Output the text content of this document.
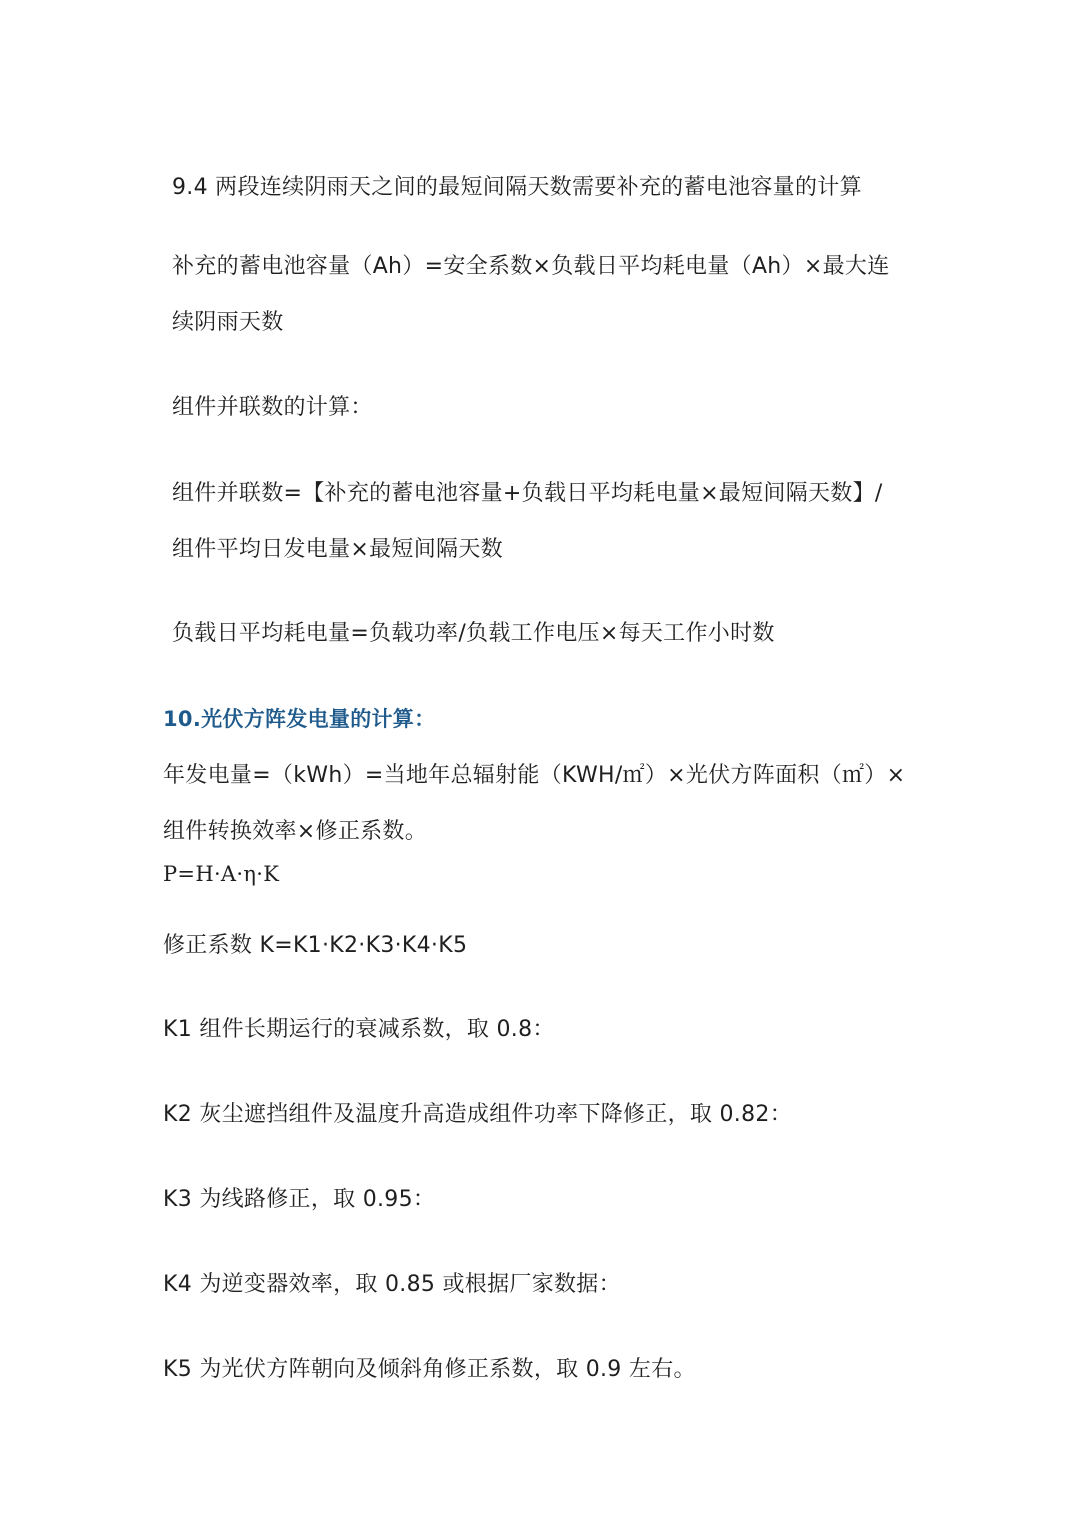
9.4 两段连续阴雨天之间的最短间隔天数需要补充的蓄电池容量的计算
补充的蓄电池容量（Ah）=安全系数×负载日平均耗电量（Ah）×最大连
续阴雨天数
组件并联数的计算：
组件并联数=【补充的蓄电池容量+负载日平均耗电量×最短间隔天数】/
组件平均日发电量×最短间隔天数
负载日平均耗电量=负载功率/负载工作电压×每天工作小时数
10.光伏方阵发电量的计算：
年发电量=（kWh）=当地年总辐射能（KWH/㎡）×光伏方阵面积（㎡）×
组件转换效率×修正系数。
P=H·A·η·K
修正系数 K=K1·K2·K3·K4·K5
K1 组件长期运行的衰减系数，取 0.8：
K2 灰尘遮挡组件及温度升高造成组件功率下降修正，取 0.82：
K3 为线路修正，取 0.95：
K4 为逆变器效率，取 0.85 或根据厂家数据：
K5 为光伏方阵朝向及倾斜角修正系数，取 0.9 左右。
